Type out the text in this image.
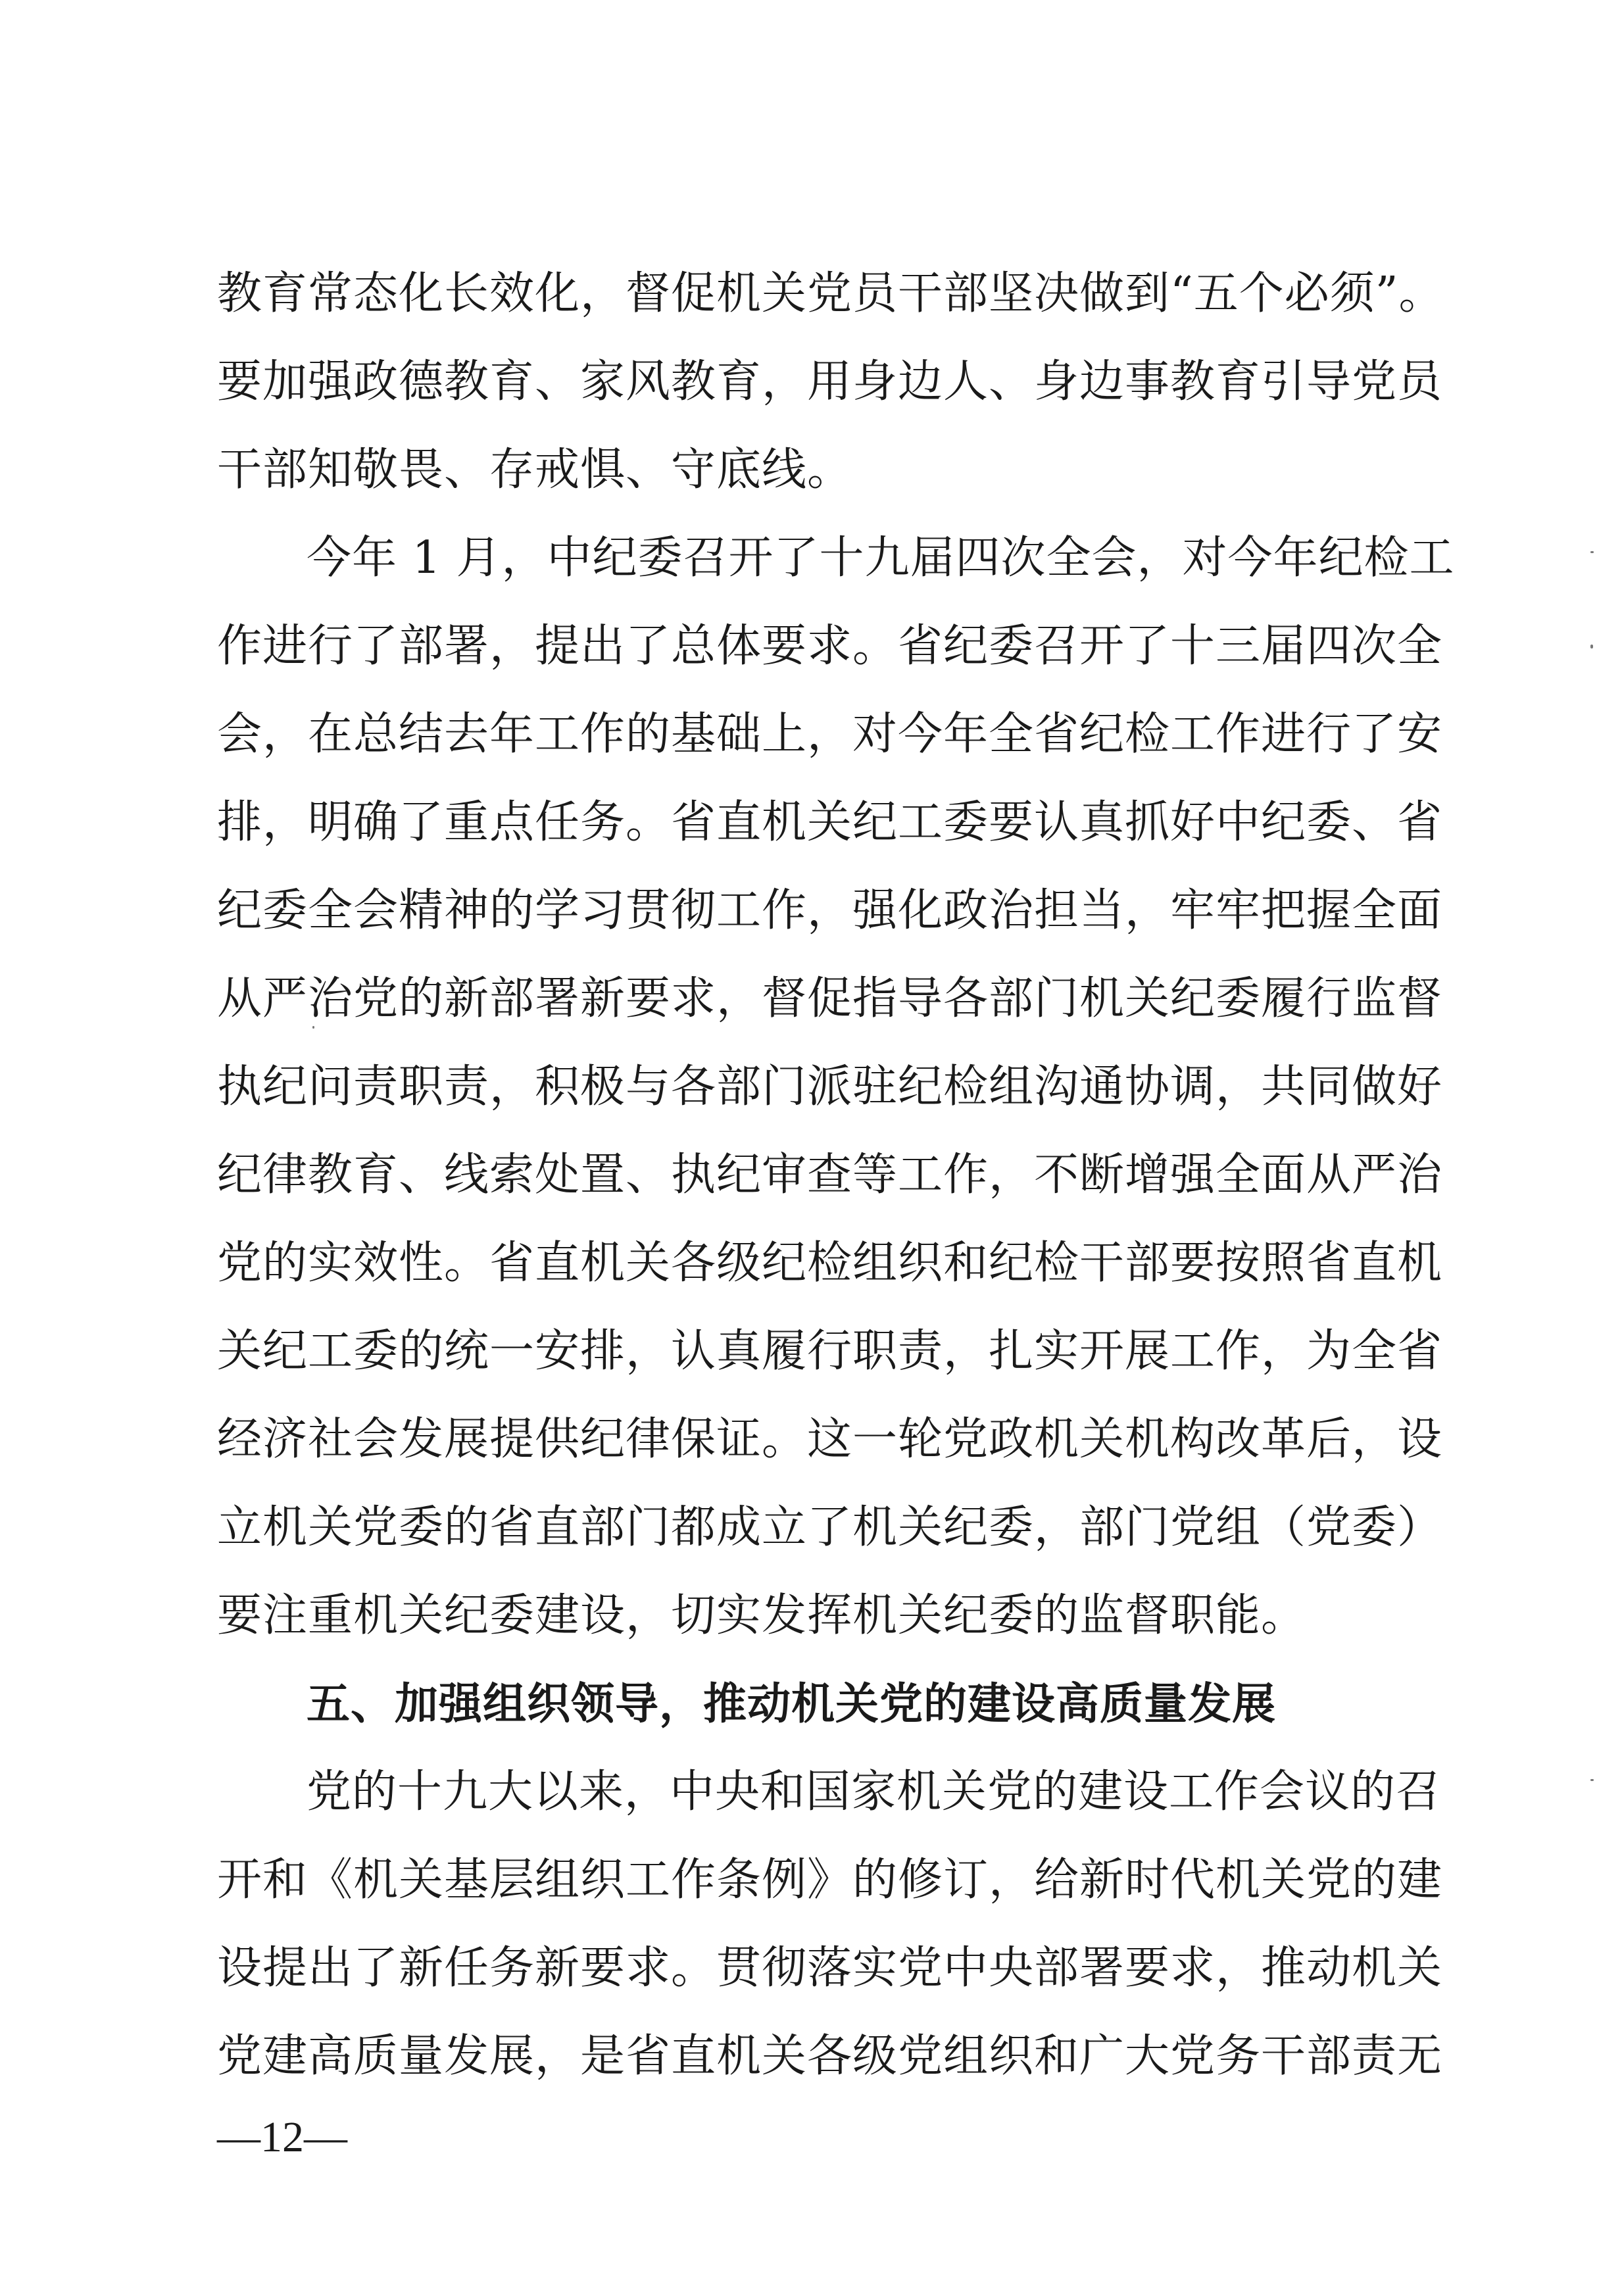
教育常态化长效化，督促机关党员干部坚决做到“五个必须”。
要加强政德教育、家风教育，用身边人、身边事教育引导党员
干部知敬畏、存戒惧、守底线。
今年 1 月，中纪委召开了十九届四次全会，对今年纪检工
作进行了部署，提出了总体要求。省纪委召开了十三届四次全
会，在总结去年工作的基础上，对今年全省纪检工作进行了安
排，明确了重点任务。省直机关纪工委要认真抓好中纪委、省
纪委全会精神的学习贯彻工作，强化政治担当，牢牢把握全面
从严治党的新部署新要求，督促指导各部门机关纪委履行监督
执纪问责职责，积极与各部门派驻纪检组沟通协调，共同做好
纪律教育、线索处置、执纪审查等工作，不断增强全面从严治
党的实效性。省直机关各级纪检组织和纪检干部要按照省直机
关纪工委的统一安排，认真履行职责，扎实开展工作，为全省
经济社会发展提供纪律保证。这一轮党政机关机构改革后，设
立机关党委的省直部门都成立了机关纪委，部门党组（党委）
要注重机关纪委建设，切实发挥机关纪委的监督职能。
五、加强组织领导，推动机关党的建设高质量发展
党的十九大以来，中央和国家机关党的建设工作会议的召
开和《机关基层组织工作条例》的修订，给新时代机关党的建
设提出了新任务新要求。贯彻落实党中央部署要求，推动机关
党建高质量发展，是省直机关各级党组织和广大党务干部责无
—12—
